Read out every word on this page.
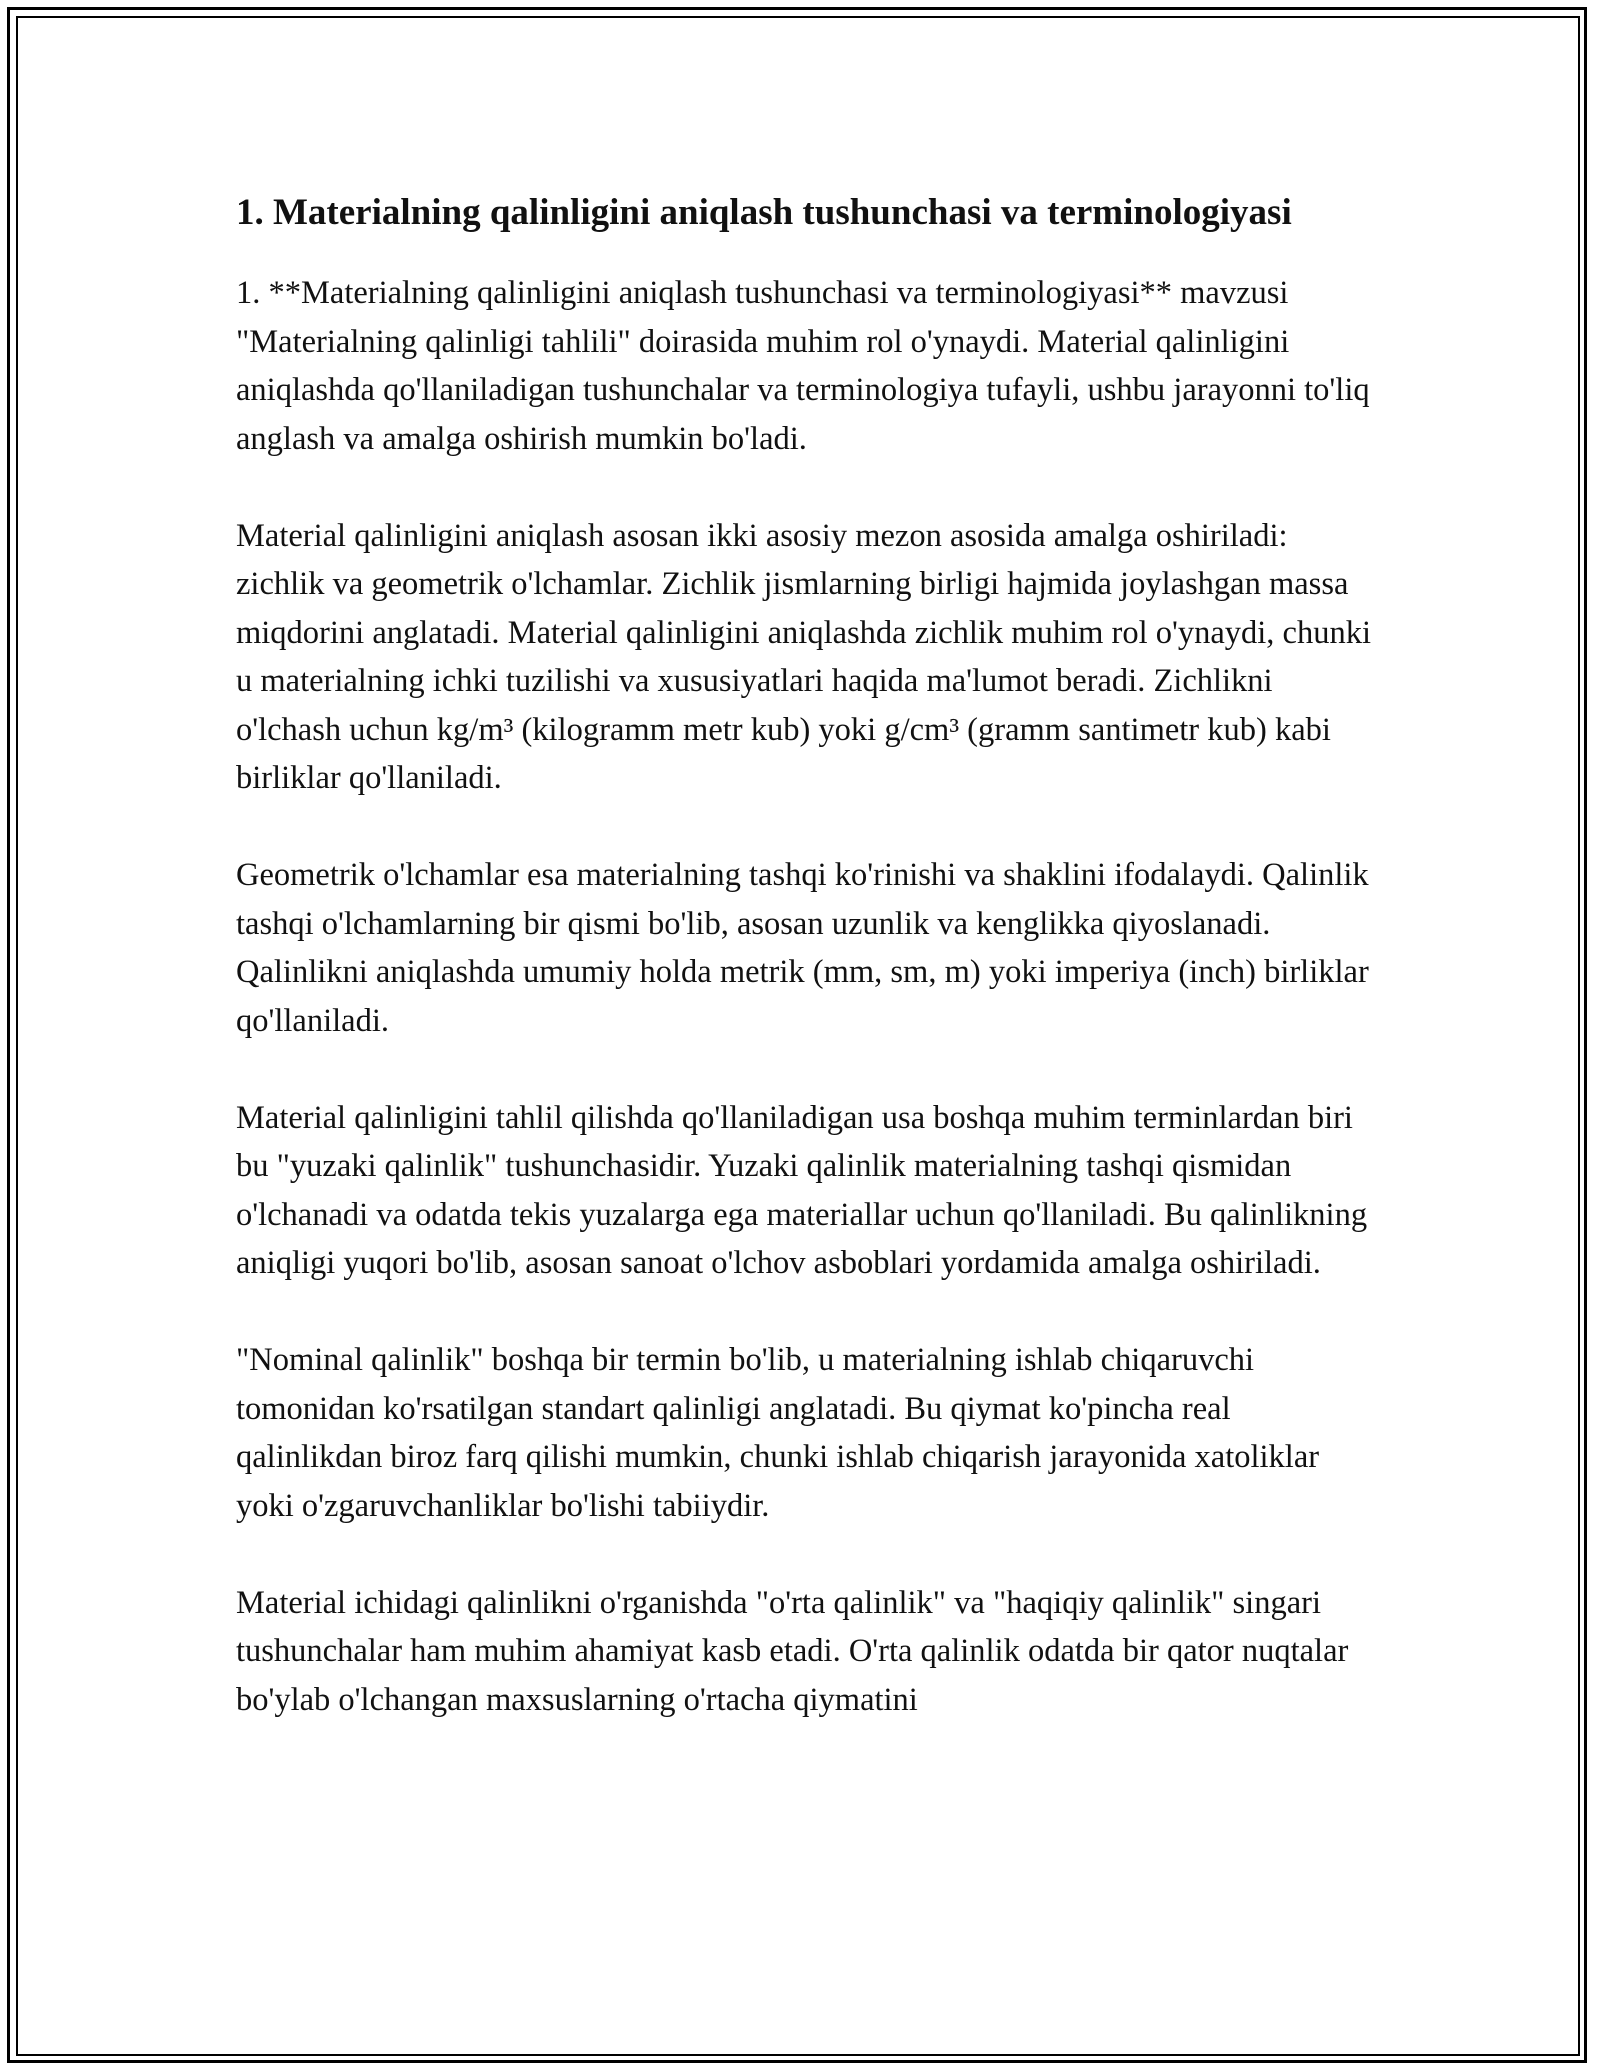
1. Materialning qalinligini aniqlash tushunchasi va terminologiyasi

1. **Materialning qalinligini aniqlash tushunchasi va terminologiyasi** mavzusi "Materialning qalinligi tahlili" doirasida muhim rol o'ynaydi. Material qalinligini aniqlashda qo'llaniladigan tushunchalar va terminologiya tufayli, ushbu jarayonni to'liq anglash va amalga oshirish mumkin bo'ladi.

Material qalinligini aniqlash asosan ikki asosiy mezon asosida amalga oshiriladi: zichlik va geometrik o'lchamlar. Zichlik jismlarning birligi hajmida joylashgan massa miqdorini anglatadi. Material qalinligini aniqlashda zichlik muhim rol o'ynaydi, chunki u materialning ichki tuzilishi va xususiyatlari haqida ma'lumot beradi. Zichlikni o'lchash uchun kg/m³ (kilogramm metr kub) yoki g/cm³ (gramm santimetr kub) kabi birliklar qo'llaniladi.

Geometrik o'lchamlar esa materialning tashqi ko'rinishi va shaklini ifodalaydi. Qalinlik tashqi o'lchamlarning bir qismi bo'lib, asosan uzunlik va kenglikka qiyoslanadi. Qalinlikni aniqlashda umumiy holda metrik (mm, sm, m) yoki imperiya (inch) birliklar qo'llaniladi.

Material qalinligini tahlil qilishda qo'llaniladigan usa boshqa muhim terminlardan biri bu "yuzaki qalinlik" tushunchasidir. Yuzaki qalinlik materialning tashqi qismidan o'lchanadi va odatda tekis yuzalarga ega materiallar uchun qo'llaniladi. Bu qalinlikning aniqligi yuqori bo'lib, asosan sanoat o'lchov asboblari yordamida amalga oshiriladi.

"Nominal qalinlik" boshqa bir termin bo'lib, u materialning ishlab chiqaruvchi tomonidan ko'rsatilgan standart qalinligi anglatadi. Bu qiymat ko'pincha real qalinlikdan biroz farq qilishi mumkin, chunki ishlab chiqarish jarayonida xatoliklar yoki o'zgaruvchanliklar bo'lishi tabiiydir.

Material ichidagi qalinlikni o'rganishda "o'rta qalinlik" va "haqiqiy qalinlik" singari tushunchalar ham muhim ahamiyat kasb etadi. O'rta qalinlik odatda bir qator nuqtalar bo'ylab o'lchangan maxsuslarning o'rtacha qiymatini
